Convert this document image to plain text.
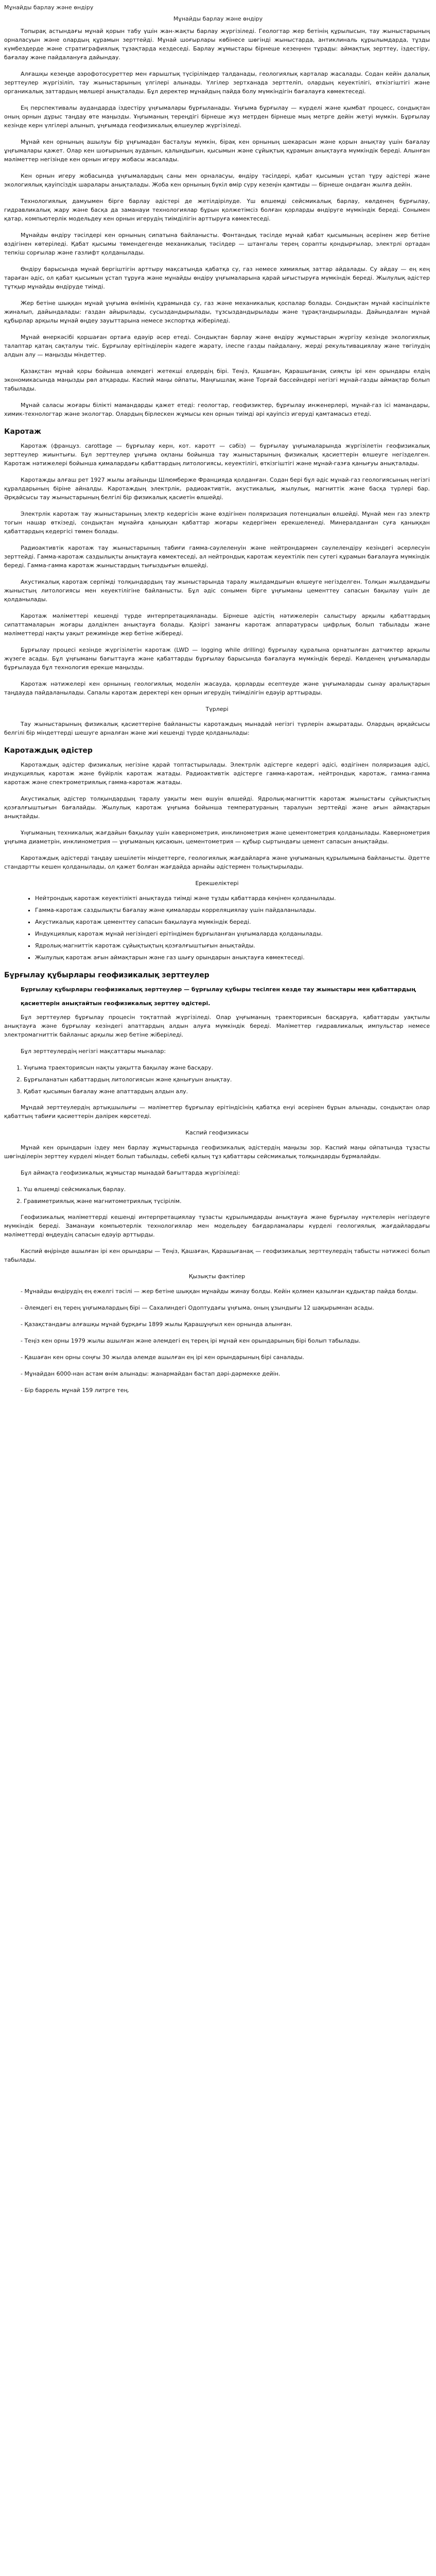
Мұнайды барлау және өндіру
Мұнайды барлау және өндіру

Топырақ астындағы мұнай қорын табу үшін жан-жақты барлау жүргізіледі. Геологтар жер бетінің құрылысын, тау жыныстарының орналасуын және олардың құрамын зерттейді. Мұнай шоғырлары көбінесе шөгінді жыныстарда, антиклиналь құрылымдарда, тұзды күмбездерде және стратиграфиялық тұзақтарда кездеседі. Барлау жұмыстары бірнеше кезеңнен тұрады: аймақтық зерттеу, іздестіру, бағалау және пайдалануға дайындау.

Алғашқы кезеңде аэрофотосуреттер мен ғарыштық түсірілімдер талданады, геологиялық карталар жасалады. Содан кейін далалық зерттеулер жүргізіліп, тау жыныстарының үлгілері алынады. Үлгілер зертханада зерттеліп, олардың кеуектілігі, өткізгіштігі және органикалық заттардың мөлшері анықталады. Бұл деректер мұнайдың пайда болу мүмкіндігін бағалауға көмектеседі.

Ең перспективалы аудандарда іздестіру ұңғымалары бұрғыланады. Ұңғыма бұрғылау — күрделі және қымбат процесс, сондықтан оның орнын дұрыс таңдау өте маңызды. Ұңғыманың тереңдігі бірнеше жүз метрден бірнеше мың метрге дейін жетуі мүмкін. Бұрғылау кезінде керн үлгілері алынып, ұңғымада геофизикалық өлшеулер жүргізіледі.

Мұнай кен орнының ашылуы бір ұңғымадан басталуы мүмкін, бірақ кен орнының шекарасын және қорын анықтау үшін бағалау ұңғымалары қажет. Олар кен шоғырының ауданын, қалыңдығын, қысымын және сұйықтық құрамын анықтауға мүмкіндік береді. Алынған мәліметтер негізінде кен орнын игеру жобасы жасалады.

Кен орнын игеру жобасында ұңғымалардың саны мен орналасуы, өндіру тәсілдері, қабат қысымын ұстап тұру әдістері және экологиялық қауіпсіздік шаралары анықталады. Жоба кен орнының бүкіл өмір сүру кезеңін қамтиды — бірнеше ондаған жылға дейін.

Технологиялық дамуымен бірге барлау әдістері де жетілдірілуде. Үш өлшемді сейсмикалық барлау, көлденең бұрғылау, гидравликалық жару және басқа да заманауи технологиялар бұрын қолжетімсіз болған қорларды өндіруге мүмкіндік береді. Сонымен қатар, компьютерлік модельдеу кен орнын игерудің тиімділігін арттыруға көмектеседі.

Мұнайды өндіру тәсілдері кен орнының сипатына байланысты. Фонтандық тәсілде мұнай қабат қысымының әсерінен жер бетіне өздігінен көтеріледі. Қабат қысымы төмендегенде механикалық тәсілдер — штангалы терең сорапты қондырғылар, электрлі ортадан тепкіш сорғылар және газлифт қолданылады.

Өндіру барысында мұнай бергіштігін арттыру мақсатында қабатқа су, газ немесе химиялық заттар айдалады. Су айдау — ең кең тараған әдіс, ол қабат қысымын ұстап тұруға және мұнайды өндіру ұңғымаларына қарай ығыстыруға мүмкіндік береді. Жылулық әдістер тұтқыр мұнайды өндіруде тиімді.

Жер бетіне шыққан мұнай ұңғыма өнімінің құрамында су, газ және механикалық қоспалар болады. Сондықтан мұнай кәсіпшілікте жиналып, дайындалады: газдан айырылады, сусыздандырылады, тұзсыздандырылады және тұрақтандырылады. Дайындалған мұнай құбырлар арқылы мұнай өңдеу зауыттарына немесе экспортқа жіберіледі.

Мұнай өнеркәсібі қоршаған ортаға едәуір әсер етеді. Сондықтан барлау және өндіру жұмыстарын жүргізу кезінде экологиялық талаптар қатаң сақталуы тиіс. Бұрғылау ерітінділерін кәдеге жарату, ілеспе газды пайдалану, жерді рекультивациялау және төгілудің алдын алу — маңызды міндеттер.

Қазақстан мұнай қоры бойынша әлемдегі жетекші елдердің бірі. Теңіз, Қашаған, Қарашығанақ сияқты ірі кен орындары елдің экономикасында маңызды рөл атқарады. Каспий маңы ойпаты, Маңғышлақ және Торғай бассейндері негізгі мұнай-газды аймақтар болып табылады.

Мұнай саласы жоғары білікті мамандарды қажет етеді: геологтар, геофизиктер, бұрғылау инженерлері, мұнай-газ ісі мамандары, химик-технологтар және экологтар. Олардың бірлескен жұмысы кен орнын тиімді әрі қауіпсіз игеруді қамтамасыз етеді.

Каротаж

Каротаж (француз. carottage — бұрғылау керн, кот. каротт — сәбіз) — бұрғылау ұңғымаларында жүргізілетін геофизикалық зерттеулер жиынтығы. Бұл зерттеулер ұңғыма оқпаны бойынша тау жыныстарының физикалық қасиеттерін өлшеуге негізделген. Каротаж нәтижелері бойынша қималардағы қабаттардың литологиясы, кеуектілігі, өткізгіштігі және мұнай-газға қанығуы анықталады.

Каротажды алғаш рет 1927 жылы ағайынды Шлюмберже Францияда қолданған. Содан бері бұл әдіс мұнай-газ геологиясының негізгі құралдарының біріне айналды. Каротаждың электрлік, радиоактивтік, акустикалық, жылулық, магниттік және басқа түрлері бар. Әрқайсысы тау жыныстарының белгілі бір физикалық қасиетін өлшейді.

Электрлік каротаж тау жыныстарының электр кедергісін және өздігінен поляризация потенциалын өлшейді. Мұнай мен газ электр тогын нашар өткізеді, сондықтан мұнайға қаныққан қабаттар жоғары кедергімен ерекшеленеді. Минералданған суға қаныққан қабаттардың кедергісі төмен болады.

Радиоактивтік каротаж тау жыныстарының табиғи гамма-сәулеленуін және нейтрондармен сәулелендіру кезіндегі әсерлесуін зерттейді. Гамма-каротаж саздылықты анықтауға көмектеседі, ал нейтрондық каротаж кеуектілік пен сутегі құрамын бағалауға мүмкіндік береді. Гамма-гамма каротаж жыныстардың тығыздығын өлшейді.

Акустикалық каротаж серпімді толқындардың тау жыныстарында таралу жылдамдығын өлшеуге негізделген. Толқын жылдамдығы жыныстың литологиясы мен кеуектілігіне байланысты. Бұл әдіс сонымен бірге ұңғыманы цементтеу сапасын бақылау үшін де қолданылады.

Каротаж мәліметтері кешенді түрде интерпретацияланады. Бірнеше әдістің нәтижелерін салыстыру арқылы қабаттардың сипаттамаларын жоғары дәлдікпен анықтауға болады. Қазіргі заманғы каротаж аппаратурасы цифрлық болып табылады және мәліметтерді нақты уақыт режимінде жер бетіне жібереді.

Бұрғылау процесі кезінде жүргізілетін каротаж (LWD — logging while drilling) бұрғылау құралына орнатылған датчиктер арқылы жүзеге асады. Бұл ұңғыманы бағыттауға және қабаттарды бұрғылау барысында бағалауға мүмкіндік береді. Көлденең ұңғымаларды бұрғылауда бұл технология ерекше маңызды.

Каротаж нәтижелері кен орнының геологиялық моделін жасауда, қорларды есептеуде және ұңғымаларды сынау аралықтарын таңдауда пайдаланылады. Сапалы каротаж деректері кен орнын игерудің тиімділігін едәуір арттырады.

Түрлері

Тау жыныстарының физикалық қасиеттеріне байланысты каротаждың мынадай негізгі түрлерін ажыратады. Олардың әрқайсысы белгілі бір міндеттерді шешуге арналған және жиі кешенді түрде қолданылады:

Каротаждық әдістер

Каротаждық әдістер физикалық негізіне қарай топтастырылады. Электрлік әдістерге кедергі әдісі, өздігінен поляризация әдісі, индукциялық каротаж және бүйірлік каротаж жатады. Радиоактивтік әдістерге гамма-каротаж, нейтрондық каротаж, гамма-гамма каротаж және спектрометриялық гамма-каротаж жатады.

Акустикалық әдістер толқындардың таралу уақыты мен өшуін өлшейді. Ядролық-магниттік каротаж жыныстағы сұйықтықтың қозғалғыштығын бағалайды. Жылулық каротаж ұңғыма бойынша температураның таралуын зерттейді және ағын аймақтарын анықтайды.

Ұңғыманың техникалық жағдайын бақылау үшін кавернометрия, инклинометрия және цементометрия қолданылады. Кавернометрия ұңғыма диаметрін, инклинометрия — ұңғыманың қисаюын, цементометрия — құбыр сыртындағы цемент сапасын анықтайды.

Каротаждық әдістерді таңдау шешілетін міндеттерге, геологиялық жағдайларға және ұңғыманың құрылымына байланысты. Әдетте стандартты кешен қолданылады, ол қажет болған жағдайда арнайы әдістермен толықтырылады.

Ерекшеліктері
▪ Нейтрондық каротаж кеуектілікті анықтауда тиімді және тұзды қабаттарда кеңінен қолданылады.
▪ Гамма-каротаж саздылықты бағалау және қималарды корреляциялау үшін пайдаланылады.
▪ Акустикалық каротаж цементтеу сапасын бақылауға мүмкіндік береді.
▪ Индукциялық каротаж мұнай негізіндегі ерітіндімен бұрғыланған ұңғымаларда қолданылады.
▪ Ядролық-магниттік каротаж сұйықтықтың қозғалғыштығын анықтайды.
▪ Жылулық каротаж ағын аймақтарын және газ шығу орындарын анықтауға көмектеседі.
Бұрғылау құбырлары геофизикалық зерттеулер

Бұрғылау құбырлары геофизикалық зерттеулер — бұрғылау құбыры тесілген кезде тау жыныстары мен қабаттардың

қасиеттерін анықтайтын геофизикалық зерттеу әдістері.

Бұл зерттеулер бұрғылау процесін тоқтатпай жүргізіледі. Олар ұңғыманың траекториясын басқаруға, қабаттарды уақтылы анықтауға және бұрғылау кезіндегі апаттардың алдын алуға мүмкіндік береді. Мәліметтер гидравликалық импульстар немесе электромагниттік байланыс арқылы жер бетіне жіберіледі.

Бұл зерттеулердің негізгі мақсаттары мыналар:

1. Ұңғыма траекториясын нақты уақытта бақылау және басқару.
2. Бұрғыланатын қабаттардың литологиясын және қанығуын анықтау.
3. Қабат қысымын бағалау және апаттардың алдын алу.

Мұндай зерттеулердің артықшылығы — мәліметтер бұрғылау ерітіндісінің қабатқа енуі әсерінен бұрын алынады, сондықтан олар қабаттың табиғи қасиеттерін дәлірек көрсетеді.

Каспий геофизикасы

Мұнай кен орындарын іздеу мен барлау жұмыстарында геофизикалық әдістердің маңызы зор. Каспий маңы ойпатында тұзасты шөгінділерін зерттеу күрделі міндет болып табылады, себебі қалың тұз қабаттары сейсмикалық толқындарды бұрмалайды.

Бұл аймақта геофизикалық жұмыстар мынадай бағыттарда жүргізіледі:

1. Үш өлшемді сейсмикалық барлау.
2. Гравиметриялық және магнитометриялық түсірілім.

Геофизикалық мәліметтерді кешенді интерпретациялау тұзасты құрылымдарды анықтауға және бұрғылау нүктелерін негіздеуге мүмкіндік береді. Заманауи компьютерлік технологиялар мен модельдеу бағдарламалары күрделі геологиялық жағдайлардағы мәліметтерді өңдеудің сапасын едәуір арттырды.

Каспий өңірінде ашылған ірі кен орындары — Теңіз, Қашаған, Қарашығанақ — геофизикалық зерттеулердің табысты нәтижесі болып табылады.

Қызықты фактілер

- Мұнайды өндірудің ең ежелгі тәсілі — жер бетіне шыққан мұнайды жинау болды. Кейін қолмен қазылған құдықтар пайда болды.

- Әлемдегі ең терең ұңғымалардың бірі — Сахалиндегі Одоптудағы ұңғыма, оның ұзындығы 12 шақырымнан асады.

- Қазақстандағы алғашқы мұнай бұрқағы 1899 жылы Қарашұңғыл кен орнында алынған.

- Теңіз кен орны 1979 жылы ашылған және әлемдегі ең терең ірі мұнай кен орындарының бірі болып табылады.

- Қашаған кен орны соңғы 30 жылда әлемде ашылған ең ірі кен орындарының бірі саналады.

- Мұнайдан 6000-нан астам өнім алынады: жанармайдан бастап дәрі-дәрмекке дейін.

- Бір баррель мұнай 159 литрге тең.
